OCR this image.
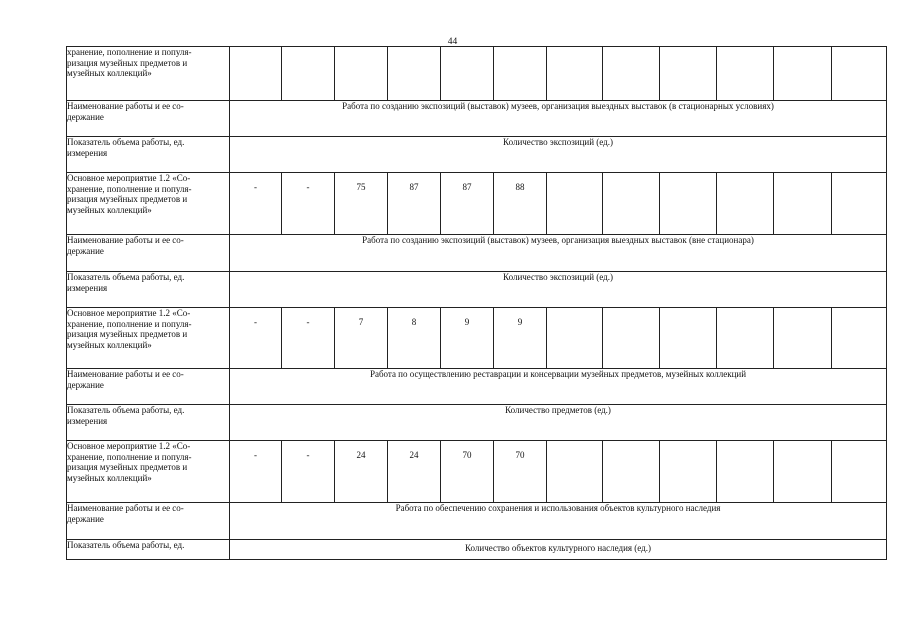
44
хранение, пополнение и популя-
ризация музейных предметов и
музейных коллекций»												
Наименование работы и ее со-
держание	Работа по созданию экспозиций (выставок) музеев, организация выездных выставок (в стационарных условиях)											
Показатель объема работы, ед.
измерения	Количество экспозиций (ед.)											
Основное мероприятие 1.2 «Со-
хранение, пополнение и популя-
ризация музейных предметов и
музейных коллекций»	-	-	75	87	87	88						
Наименование работы и ее со-
держание	Работа по созданию экспозиций (выставок) музеев, организация выездных выставок (вне стационара)											
Показатель объема работы, ед.
измерения	Количество экспозиций (ед.)											
Основное мероприятие 1.2 «Со-
хранение, пополнение и популя-
ризация музейных предметов и
музейных коллекций»	-	-	7	8	9	9						
Наименование работы и ее со-
держание	Работа по осуществлению реставрации и консервации музейных предметов, музейных коллекций											
Показатель объема работы, ед.
измерения	Количество предметов (ед.)											
Основное мероприятие 1.2 «Со-
хранение, пополнение и популя-
ризация музейных предметов и
музейных коллекций»	-	-	24	24	70	70						
Наименование работы и ее со-
держание	Работа по обеспечению сохранения и использования объектов культурного наследия											
Показатель объема работы, ед.	Количество объектов культурного наследия (ед.)											
